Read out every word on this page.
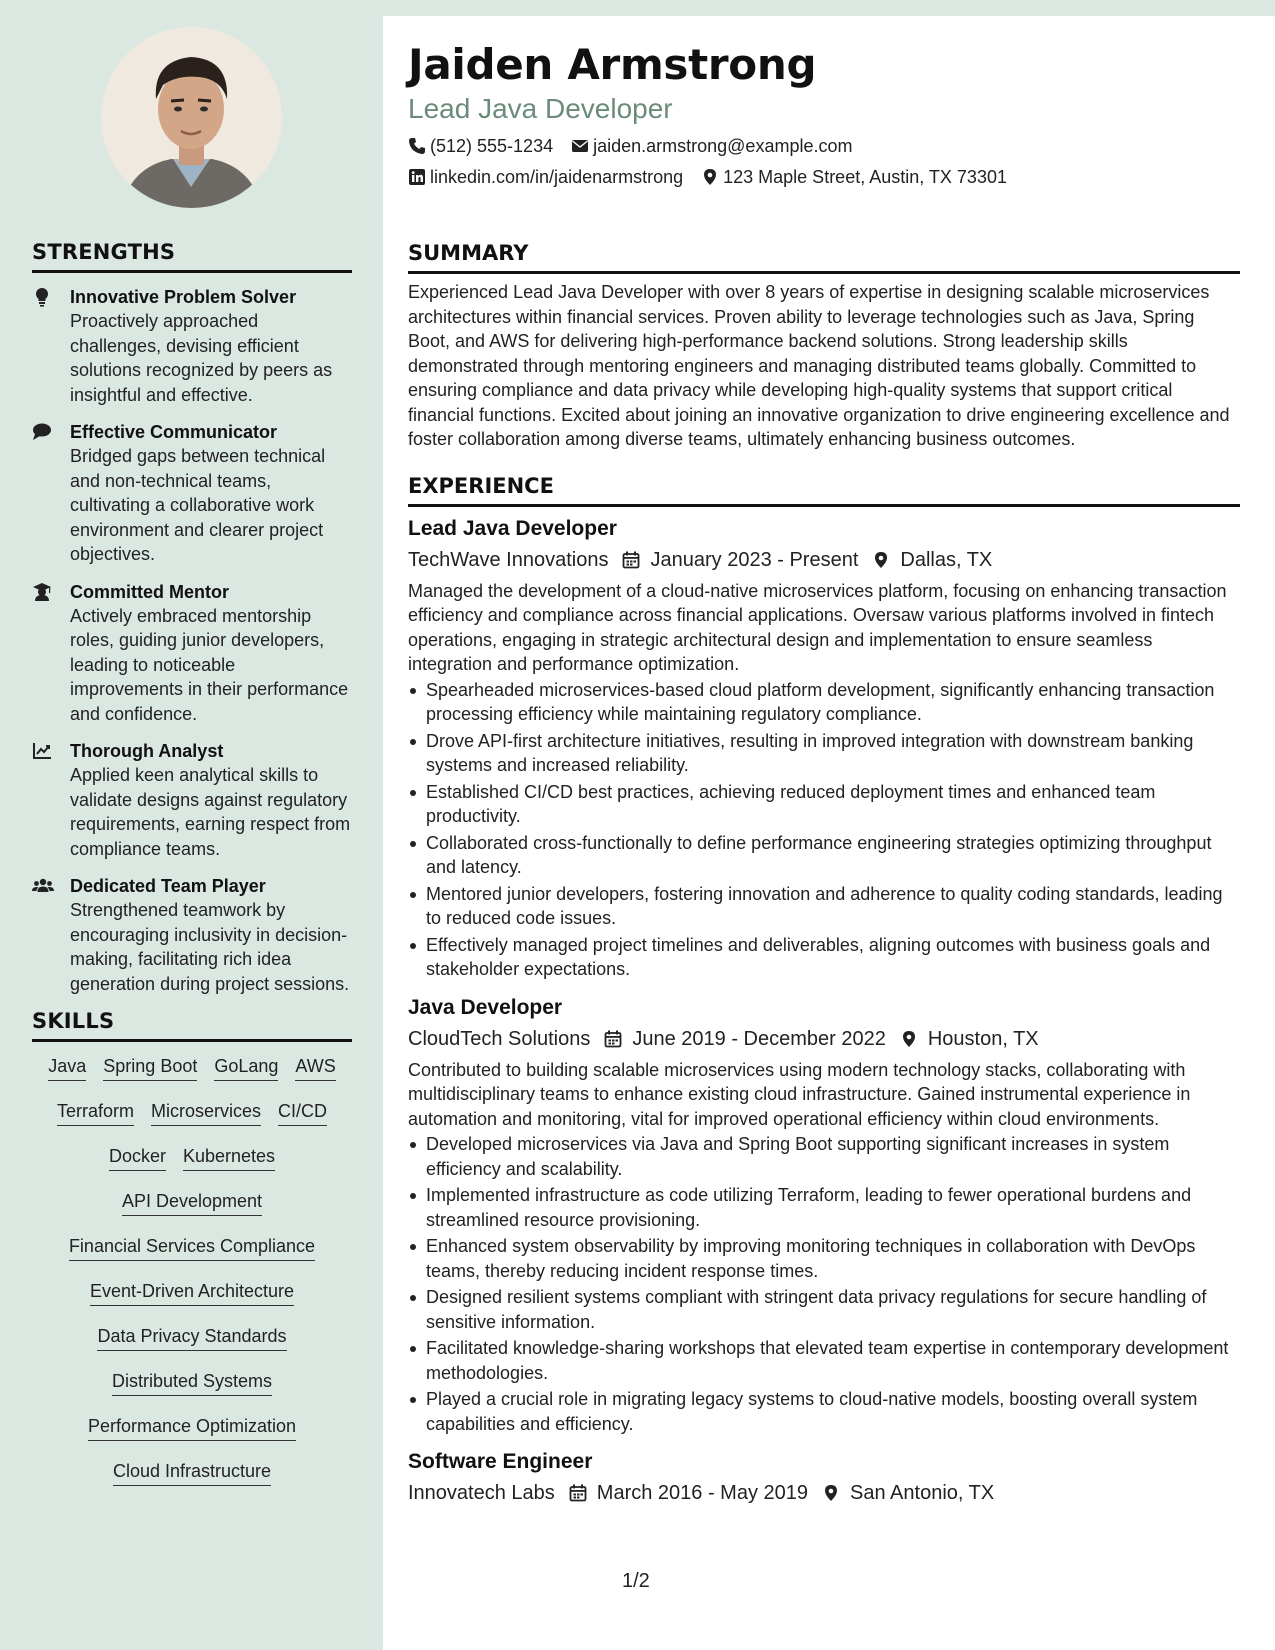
STRENGTHS
Innovative Problem Solver
Proactively approached challenges, devising efficient solutions recognized by peers as insightful and effective.
Effective Communicator
Bridged gaps between technical and non-technical teams, cultivating a collaborative work environment and clearer project objectives.
Committed Mentor
Actively embraced mentorship roles, guiding junior developers, leading to noticeable improvements in their performance and confidence.
Thorough Analyst
Applied keen analytical skills to validate designs against regulatory requirements, earning respect from compliance teams.
Dedicated Team Player
Strengthened teamwork by encouraging inclusivity in decision-making, facilitating rich idea generation during project sessions.
SKILLS
Java Spring Boot GoLang AWS
Terraform Microservices CI/CD
Docker Kubernetes
API Development
Financial Services Compliance
Event-Driven Architecture
Data Privacy Standards
Distributed Systems
Performance Optimization
Cloud Infrastructure
Jaiden Armstrong
Lead Java Developer
(512) 555-1234 jaiden.armstrong@example.com
linkedin.com/in/jaidenarmstrong 123 Maple Street, Austin, TX 73301
SUMMARY

Experienced Lead Java Developer with over 8 years of expertise in designing scalable microservices architectures within financial services. Proven ability to leverage technologies such as Java, Spring Boot, and AWS for delivering high-performance backend solutions. Strong leadership skills demonstrated through mentoring engineers and managing distributed teams globally. Committed to ensuring compliance and data privacy while developing high-quality systems that support critical financial functions. Excited about joining an innovative organization to drive engineering excellence and foster collaboration among diverse teams, ultimately enhancing business outcomes.

EXPERIENCE
Lead Java Developer
TechWave Innovations January 2023 - Present Dallas, TX

Managed the development of a cloud-native microservices platform, focusing on enhancing transaction efficiency and compliance across financial applications. Oversaw various platforms involved in fintech operations, engaging in strategic architectural design and implementation to ensure seamless integration and performance optimization.

Spearheaded microservices-based cloud platform development, significantly enhancing transaction processing efficiency while maintaining regulatory compliance.
Drove API-first architecture initiatives, resulting in improved integration with downstream banking systems and increased reliability.
Established CI/CD best practices, achieving reduced deployment times and enhanced team productivity.
Collaborated cross-functionally to define performance engineering strategies optimizing throughput and latency.
Mentored junior developers, fostering innovation and adherence to quality coding standards, leading to reduced code issues.
Effectively managed project timelines and deliverables, aligning outcomes with business goals and stakeholder expectations.
Java Developer
CloudTech Solutions June 2019 - December 2022 Houston, TX

Contributed to building scalable microservices using modern technology stacks, collaborating with multidisciplinary teams to enhance existing cloud infrastructure. Gained instrumental experience in automation and monitoring, vital for improved operational efficiency within cloud environments.

Developed microservices via Java and Spring Boot supporting significant increases in system efficiency and scalability.
Implemented infrastructure as code utilizing Terraform, leading to fewer operational burdens and streamlined resource provisioning.
Enhanced system observability by improving monitoring techniques in collaboration with DevOps teams, thereby reducing incident response times.
Designed resilient systems compliant with stringent data privacy regulations for secure handling of sensitive information.
Facilitated knowledge-sharing workshops that elevated team expertise in contemporary development methodologies.
Played a crucial role in migrating legacy systems to cloud-native models, boosting overall system capabilities and efficiency.
Software Engineer
Innovatech Labs March 2016 - May 2019 San Antonio, TX
1/2
